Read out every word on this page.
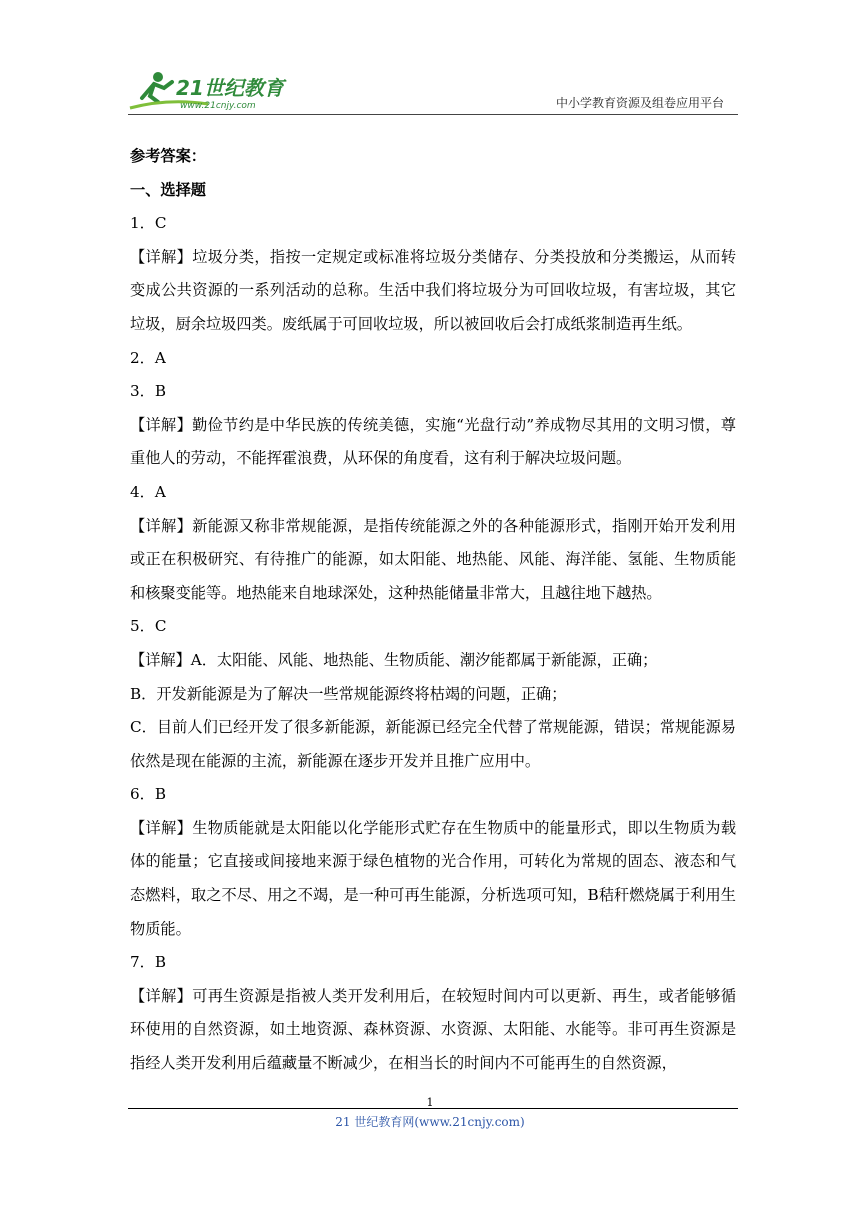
21世纪教育
www.21cnjy.com	中小学教育资源及组卷应用平台
参考答案：
一、选择题
1．C
【详解】垃圾分类，指按一定规定或标准将垃圾分类储存、分类投放和分类搬运，从而转变成公共资源的一系列活动的总称。生活中我们将垃圾分为可回收垃圾，有害垃圾，其它垃圾，厨余垃圾四类。废纸属于可回收垃圾，所以被回收后会打成纸浆制造再生纸。
2．A
3．B
【详解】勤俭节约是中华民族的传统美德，实施“光盘行动”养成物尽其用的文明习惯，尊重他人的劳动，不能挥霍浪费，从环保的角度看，这有利于解决垃圾问题。
4．A
【详解】新能源又称非常规能源，是指传统能源之外的各种能源形式，指刚开始开发利用或正在积极研究、有待推广的能源，如太阳能、地热能、风能、海洋能、氢能、生物质能和核聚变能等。地热能来自地球深处，这种热能储量非常大，且越往地下越热。
5．C
【详解】A．太阳能、风能、地热能、生物质能、潮汐能都属于新能源，正确；
B．开发新能源是为了解决一些常规能源终将枯竭的问题，正确；
C．目前人们已经开发了很多新能源，新能源已经完全代替了常规能源，错误；常规能源易依然是现在能源的主流，新能源在逐步开发并且推广应用中。
6．B
【详解】生物质能就是太阳能以化学能形式贮存在生物质中的能量形式，即以生物质为载体的能量；它直接或间接地来源于绿色植物的光合作用，可转化为常规的固态、液态和气态燃料，取之不尽、用之不竭，是一种可再生能源，分析选项可知，B秸秆燃烧属于利用生物质能。
7．B
【详解】可再生资源是指被人类开发利用后，在较短时间内可以更新、再生，或者能够循环使用的自然资源，如土地资源、森林资源、水资源、太阳能、水能等。非可再生资源是指经人类开发利用后蕴藏量不断减少，在相当长的时间内不可能再生的自然资源，
1
21 世纪教育网(www.21cnjy.com)
